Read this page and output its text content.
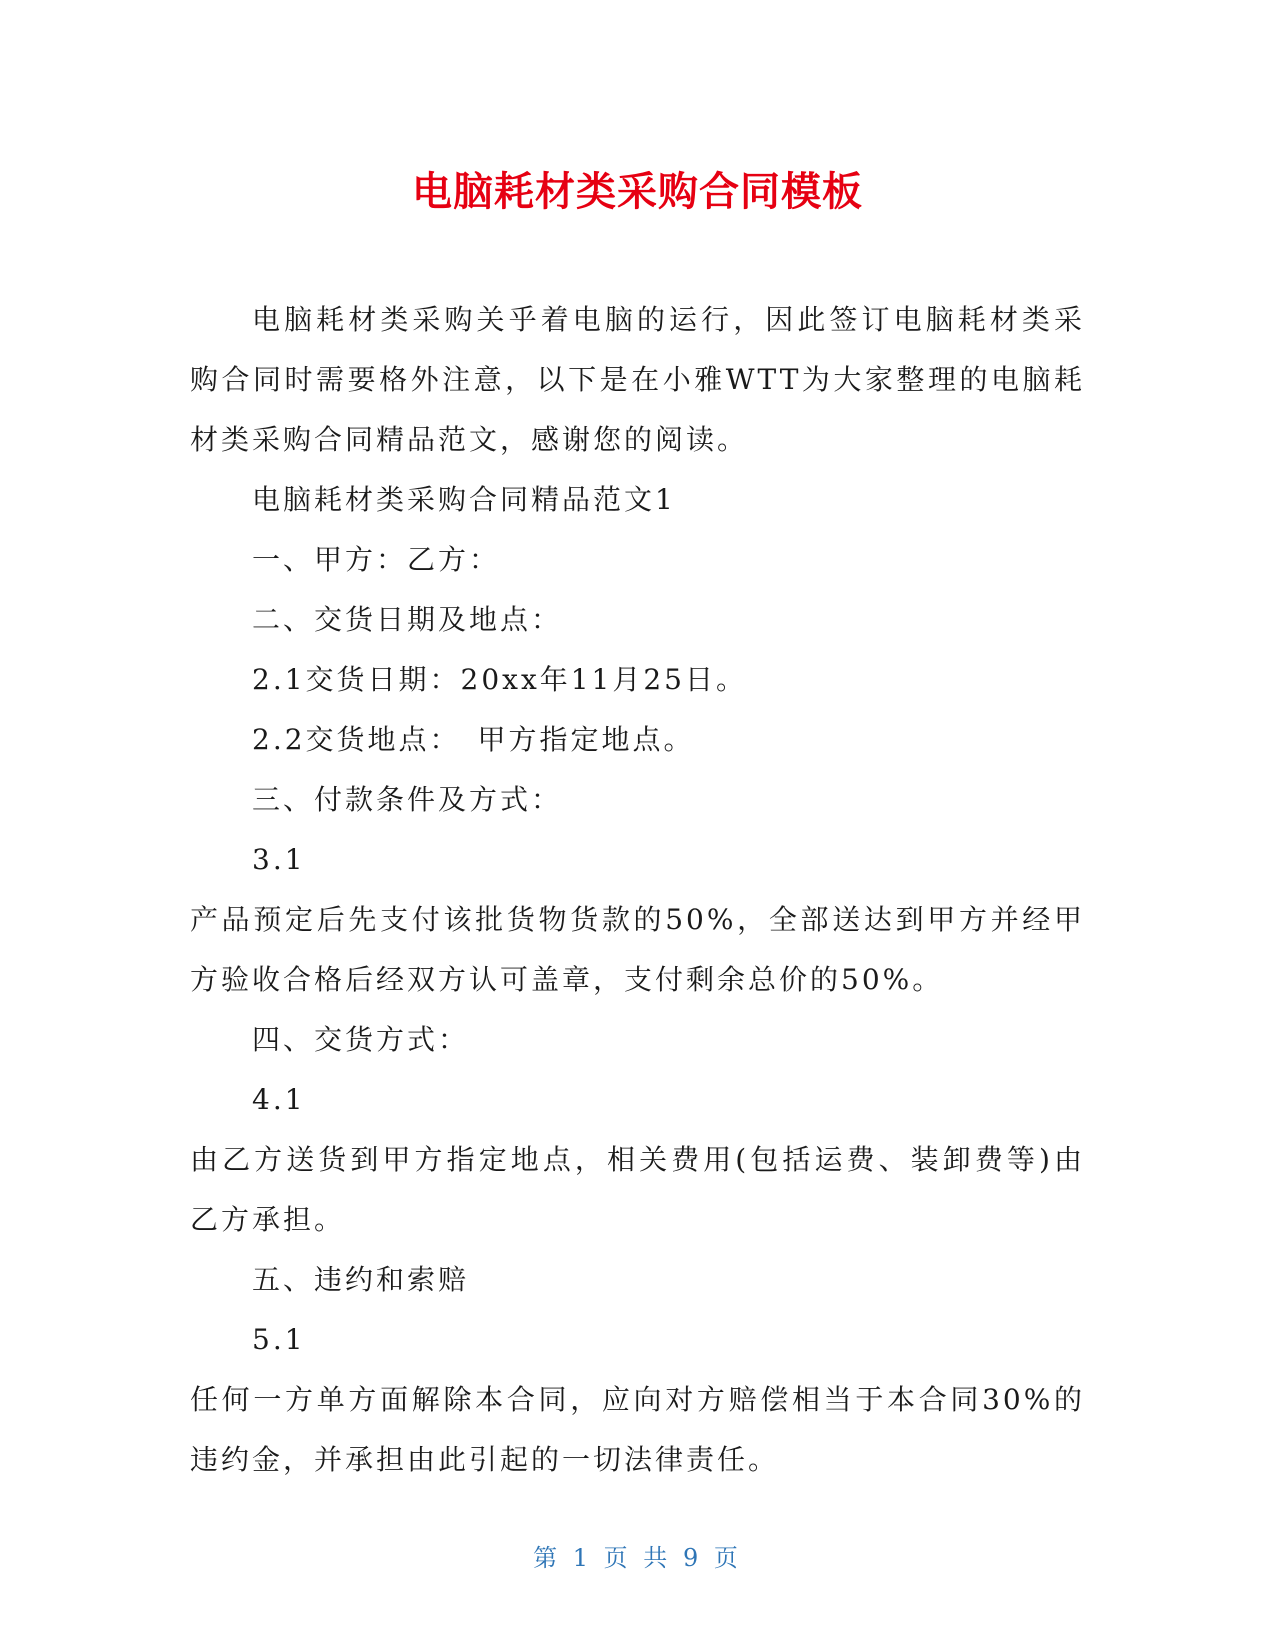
电脑耗材类采购合同模板

电脑耗材类采购关乎着电脑的运行，因此签订电脑耗材类采购合同时需要格外注意，以下是在小雅WTT为大家整理的电脑耗材类采购合同精品范文，感谢您的阅读。

电脑耗材类采购合同精品范文1

一、甲方：乙方：

二、交货日期及地点：

2.1交货日期：20xx年11月25日。

2.2交货地点：　甲方指定地点。

三、付款条件及方式：

3.1

产品预定后先支付该批货物货款的50%，全部送达到甲方并经甲方验收合格后经双方认可盖章，支付剩余总价的50%。

四、交货方式：

4.1

由乙方送货到甲方指定地点，相关费用(包括运费、装卸费等)由乙方承担。

五、违约和索赔

5.1

任何一方单方面解除本合同，应向对方赔偿相当于本合同30%的违约金，并承担由此引起的一切法律责任。

第 1 页 共 9 页
